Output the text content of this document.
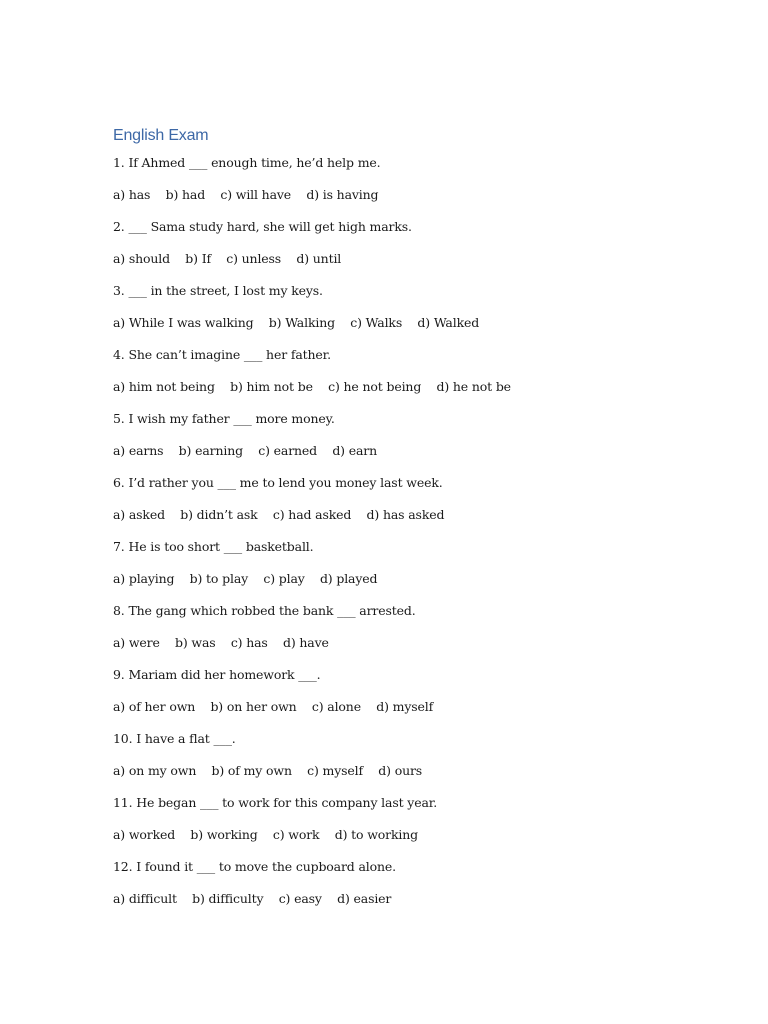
English Exam
1. If Ahmed ___ enough time, he’d help me.
a) has    b) had    c) will have    d) is having
2. ___ Sama study hard, she will get high marks.
a) should    b) If    c) unless    d) until
3. ___ in the street, I lost my keys.
a) While I was walking    b) Walking    c) Walks    d) Walked
4. She can’t imagine ___ her father.
a) him not being    b) him not be    c) he not being    d) he not be
5. I wish my father ___ more money.
a) earns    b) earning    c) earned    d) earn
6. I’d rather you ___ me to lend you money last week.
a) asked    b) didn’t ask    c) had asked    d) has asked
7. He is too short ___ basketball.
a) playing    b) to play    c) play    d) played
8. The gang which robbed the bank ___ arrested.
a) were    b) was    c) has    d) have
9. Mariam did her homework ___.
a) of her own    b) on her own    c) alone    d) myself
10. I have a flat ___.
a) on my own    b) of my own    c) myself    d) ours
11. He began ___ to work for this company last year.
a) worked    b) working    c) work    d) to working
12. I found it ___ to move the cupboard alone.
a) difficult    b) difficulty    c) easy    d) easier
